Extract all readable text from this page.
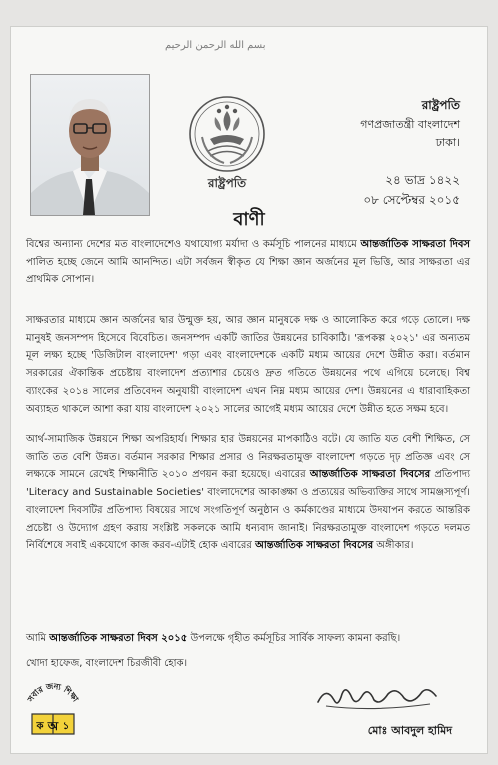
بسم الله الرحمن الرحيم
রাষ্ট্রপতি
রাষ্ট্রপতি
গণপ্রজাতন্ত্রী বাংলাদেশ
ঢাকা।
২৪ ভাদ্র ১৪২২
০৮ সেপ্টেম্বর ২০১৫
বাণী
বিশ্বের অন্যান্য দেশের মত বাংলাদেশেও যথাযোগ্য মর্যাদা ও কর্মসূচি পালনের মাধ্যমে আন্তর্জাতিক সাক্ষরতা দিবস পালিত হচ্ছে জেনে আমি আনন্দিত। এটা সর্বজন স্বীকৃত যে শিক্ষা জ্ঞান অর্জনের মূল ভিত্তি, আর সাক্ষরতা এর প্রাথমিক সোপান।
সাক্ষরতার মাধ্যমে জ্ঞান অর্জনের দ্বার উন্মুক্ত হয়, আর জ্ঞান মানুষকে দক্ষ ও আলোকিত করে গড়ে তোলে। দক্ষ মানুষই জনসম্পদ হিসেবে বিবেচিত। জনসম্পদ একটি জাতির উন্নয়নের চাবিকাঠি। 'রূপকল্প ২০২১' এর অন্যতম মূল লক্ষ্য হচ্ছে 'ডিজিটাল বাংলাদেশ' গড়া এবং বাংলাদেশকে একটি মধ্যম আয়ের দেশে উন্নীত করা। বর্তমান সরকারের ঐকান্তিক প্রচেষ্টায় বাংলাদেশ প্রত্যাশার চেয়েও দ্রুত গতিতে উন্নয়নের পথে এগিয়ে চলেছে। বিশ্ব ব্যাংকের ২০১৪ সালের প্রতিবেদন অনুযায়ী বাংলাদেশ এখন নিম্ন মধ্যম আয়ের দেশ। উন্নয়নের এ ধারাবাহিকতা অব্যাহত থাকলে আশা করা যায় বাংলাদেশ ২০২১ সালের আগেই মধ্যম আয়ের দেশে উন্নীত হতে সক্ষম হবে।
আর্থ-সামাজিক উন্নয়নে শিক্ষা অপরিহার্য। শিক্ষার হার উন্নয়নের মাপকাঠিও বটে। যে জাতি যত বেশী শিক্ষিত, সে জাতি তত বেশি উন্নত। বর্তমান সরকার শিক্ষার প্রসার ও নিরক্ষরতামুক্ত বাংলাদেশ গড়তে দৃঢ় প্রতিজ্ঞ এবং সে লক্ষ্যকে সামনে রেখেই শিক্ষানীতি ২০১০ প্রণয়ন করা হয়েছে। এবারের আন্তর্জাতিক সাক্ষরতা দিবসের প্রতিপাদ্য 'Literacy and Sustainable Societies' বাংলাদেশের আকাঙ্ক্ষা ও প্রত্যয়ের অভিব্যক্তির সাথে সামঞ্জস্যপূর্ণ। বাংলাদেশ দিবসটির প্রতিপাদ্য বিষয়ের সাথে সংগতিপূর্ণ অনুষ্ঠান ও কর্মকাণ্ডের মাধ্যমে উদযাপন করতে আন্তরিক প্রচেষ্টা ও উদ্যোগ গ্রহণ করায় সংশ্লিষ্ট সকলকে আমি ধন্যবাদ জানাই। নিরক্ষরতামুক্ত বাংলাদেশ গড়তে দলমত নির্বিশেষে সবাই একযোগে কাজ করব-এটাই হোক এবারের আন্তর্জাতিক সাক্ষরতা দিবসের অঙ্গীকার।
আমি আন্তর্জাতিক সাক্ষরতা দিবস ২০১৫ উপলক্ষে গৃহীত কর্মসূচির সার্বিক সাফল্য কামনা করছি।
খোদা হাফেজ, বাংলাদেশ চিরজীবী হোক।
সবার জন্য শিক্ষা
ক অ ১	মোঃ আবদুল হামিদ
